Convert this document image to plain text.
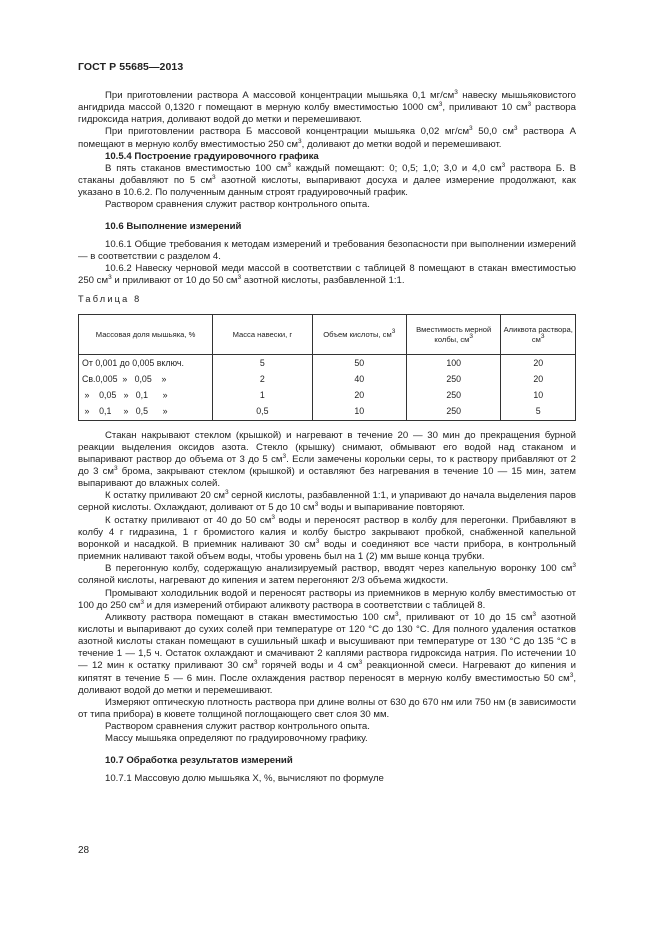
ГОСТ Р 55685—2013
При приготовлении раствора А массовой концентрации мышьяка 0,1 $мг/см^3$ навеску мышьяковистого ангидрида массой 0,1320 г помещают в мерную колбу вместимостью 1000 $см^3$, приливают 10 $см^3$ раствора гидроксида натрия, доливают водой до метки и перемешивают.
При приготовлении раствора Б массовой концентрации мышьяка 0,02 $мг/см^3$ 50,0 $см^3$ раствора А помещают в мерную колбу вместимостью 250 $см^3$, доливают до метки водой и перемешивают.
10.5.4 Построение градуировочного графика
В пять стаканов вместимостью 100 $см^3$ каждый помещают: 0; 0,5; 1,0; 3,0 и 4,0 $см^3$ раствора Б. В стаканы добавляют по 5 $см^3$ азотной кислоты, выпаривают досуха и далее измерение продолжают, как указано в 10.6.2. По полученным данным строят градуировочный график.
Раствором сравнения служит раствор контрольного опыта.
10.6 Выполнение измерений
10.6.1 Общие требования к методам измерений и требования безопасности при выполнении измерений — в соответствии с разделом 4.
10.6.2 Навеску черновой меди массой в соответствии с таблицей 8 помещают в стакан вместимостью 250 $см^3$ и приливают от 10 до 50 $см^3$ азотной кислоты, разбавленной 1:1.
Таблица 8
Массовая доля мышьяка, %	Масса навески, г	Объем кислоты, $см^3$	Вместимость мерной колбы, $см^3$	Аликвота раствора, $см^3$
От 0,001 до 0,005 включ.	5	50	100	20
Св.0,005  »   0,05    »	2	40	250	20
»    0,05   »   0,1      »	1	20	250	10
»    0,1     »   0,5      »	0,5	10	250	5
Стакан накрывают стеклом (крышкой) и нагревают в течение 20 — 30 мин до прекращения бурной реакции выделения оксидов азота. Стекло (крышку) снимают, обмывают его водой над стаканом и выпаривают раствор до объема от 3 до 5 $см^3$. Если замечены корольки серы, то к раствору прибавляют от 2 до 3 $см^3$ брома, закрывают стеклом (крышкой) и оставляют без нагревания в течение 10 — 15 мин, затем выпаривают до влажных солей.
К остатку приливают 20 $см^3$ серной кислоты, разбавленной 1:1, и упаривают до начала выделения паров серной кислоты. Охлаждают, доливают от 5 до 10 $см^3$ воды и выпаривание повторяют.
К остатку приливают от 40 до 50 $см^3$ воды и переносят раствор в колбу для перегонки. Прибавляют в колбу 4 г гидразина, 1 г бромистого калия и колбу быстро закрывают пробкой, снабженной капельной воронкой и насадкой. В приемник наливают 30 $см^3$ воды и соединяют все части прибора, в контрольный приемник наливают такой объем воды, чтобы уровень был на 1 (2) мм выше конца трубки.
В перегонную колбу, содержащую анализируемый раствор, вводят через капельную воронку 100 $см^3$ соляной кислоты, нагревают до кипения и затем перегоняют 2/3 объема жидкости.
Промывают холодильник водой и переносят растворы из приемников в мерную колбу вместимостью от 100 до 250 $см^3$ и для измерений отбирают аликвоту раствора в соответствии с таблицей 8.
Аликвоту раствора помещают в стакан вместимостью 100 $см^3$, приливают от 10 до 15 $см^3$ азотной кислоты и выпаривают до сухих солей при температуре от 120 °С до 130 °С. Для полного удаления остатков азотной кислоты стакан помещают в сушильный шкаф и высушивают при температуре от 130 °С до 135 °С в течение 1 — 1,5 ч. Остаток охлаждают и смачивают 2 каплями раствора гидроксида натрия. По истечении 10 — 12 мин к остатку приливают 30 $см^3$ горячей воды и 4 $см^3$ реакционной смеси. Нагревают до кипения и кипятят в течение 5 — 6 мин. После охлаждения раствор переносят в мерную колбу вместимостью 50 $см^3$, доливают водой до метки и перемешивают.
Измеряют оптическую плотность раствора при длине волны от 630 до 670 нм или 750 нм (в зависимости от типа прибора) в кювете толщиной поглощающего свет слоя 30 мм.
Раствором сравнения служит раствор контрольного опыта.
Массу мышьяка определяют по градуировочному графику.
10.7 Обработка результатов измерений
10.7.1 Массовую долю мышьяка X, %, вычисляют по формуле
28
